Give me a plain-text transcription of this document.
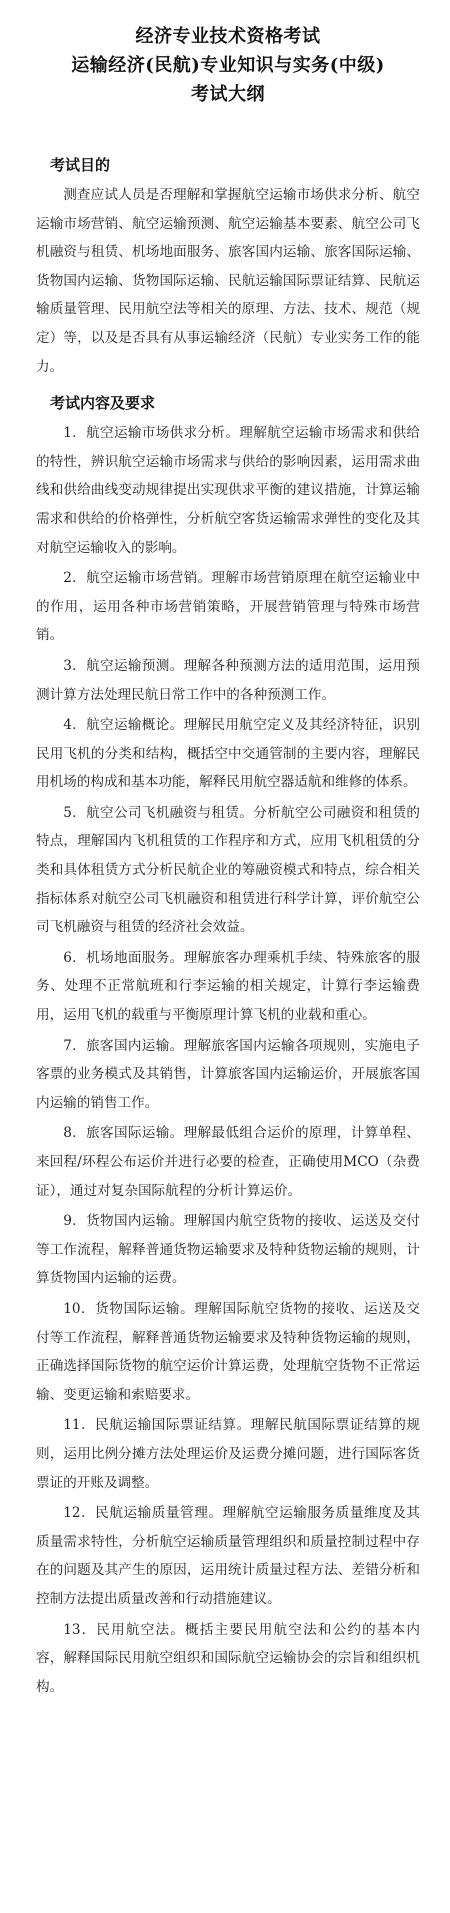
经济专业技术资格考试
运输经济(民航)专业知识与实务(中级)
考试大纲
考试目的

测查应试人员是否理解和掌握航空运输市场供求分析、航空运输市场营销、航空运输预测、航空运输基本要素、航空公司飞机融资与租赁、机场地面服务、旅客国内运输、旅客国际运输、货物国内运输、货物国际运输、民航运输国际票证结算、民航运输质量管理、民用航空法等相关的原理、方法、技术、规范（规定）等，以及是否具有从事运输经济（民航）专业实务工作的能力。

考试内容及要求

1．航空运输市场供求分析。理解航空运输市场需求和供给的特性，辨识航空运输市场需求与供给的影响因素，运用需求曲线和供给曲线变动规律提出实现供求平衡的建议措施，计算运输需求和供给的价格弹性，分析航空客货运输需求弹性的变化及其对航空运输收入的影响。

2．航空运输市场营销。理解市场营销原理在航空运输业中的作用，运用各种市场营销策略，开展营销管理与特殊市场营销。

3．航空运输预测。理解各种预测方法的适用范围，运用预测计算方法处理民航日常工作中的各种预测工作。

4．航空运输概论。理解民用航空定义及其经济特征，识别民用飞机的分类和结构，概括空中交通管制的主要内容，理解民用机场的构成和基本功能，解释民用航空器适航和维修的体系。

5．航空公司飞机融资与租赁。分析航空公司融资和租赁的特点，理解国内飞机租赁的工作程序和方式，应用飞机租赁的分类和具体租赁方式分析民航企业的筹融资模式和特点，综合相关指标体系对航空公司飞机融资和租赁进行科学计算，评价航空公司飞机融资与租赁的经济社会效益。

6．机场地面服务。理解旅客办理乘机手续、特殊旅客的服务、处理不正常航班和行李运输的相关规定，计算行李运输费用，运用飞机的载重与平衡原理计算飞机的业载和重心。

7．旅客国内运输。理解旅客国内运输各项规则，实施电子客票的业务模式及其销售，计算旅客国内运输运价，开展旅客国内运输的销售工作。

8．旅客国际运输。理解最低组合运价的原理，计算单程、来回程/环程公布运价并进行必要的检查，正确使用MCO（杂费证），通过对复杂国际航程的分析计算运价。

9．货物国内运输。理解国内航空货物的接收、运送及交付等工作流程，解释普通货物运输要求及特种货物运输的规则，计算货物国内运输的运费。

10．货物国际运输。理解国际航空货物的接收、运送及交付等工作流程，解释普通货物运输要求及特种货物运输的规则，正确选择国际货物的航空运价计算运费，处理航空货物不正常运输、变更运输和索赔要求。

11．民航运输国际票证结算。理解民航国际票证结算的规则，运用比例分摊方法处理运价及运费分摊问题，进行国际客货票证的开账及调整。

12．民航运输质量管理。理解航空运输服务质量维度及其质量需求特性，分析航空运输质量管理组织和质量控制过程中存在的问题及其产生的原因，运用统计质量过程方法、差错分析和控制方法提出质量改善和行动措施建议。

13．民用航空法。概括主要民用航空法和公约的基本内容，解释国际民用航空组织和国际航空运输协会的宗旨和组织机构。
